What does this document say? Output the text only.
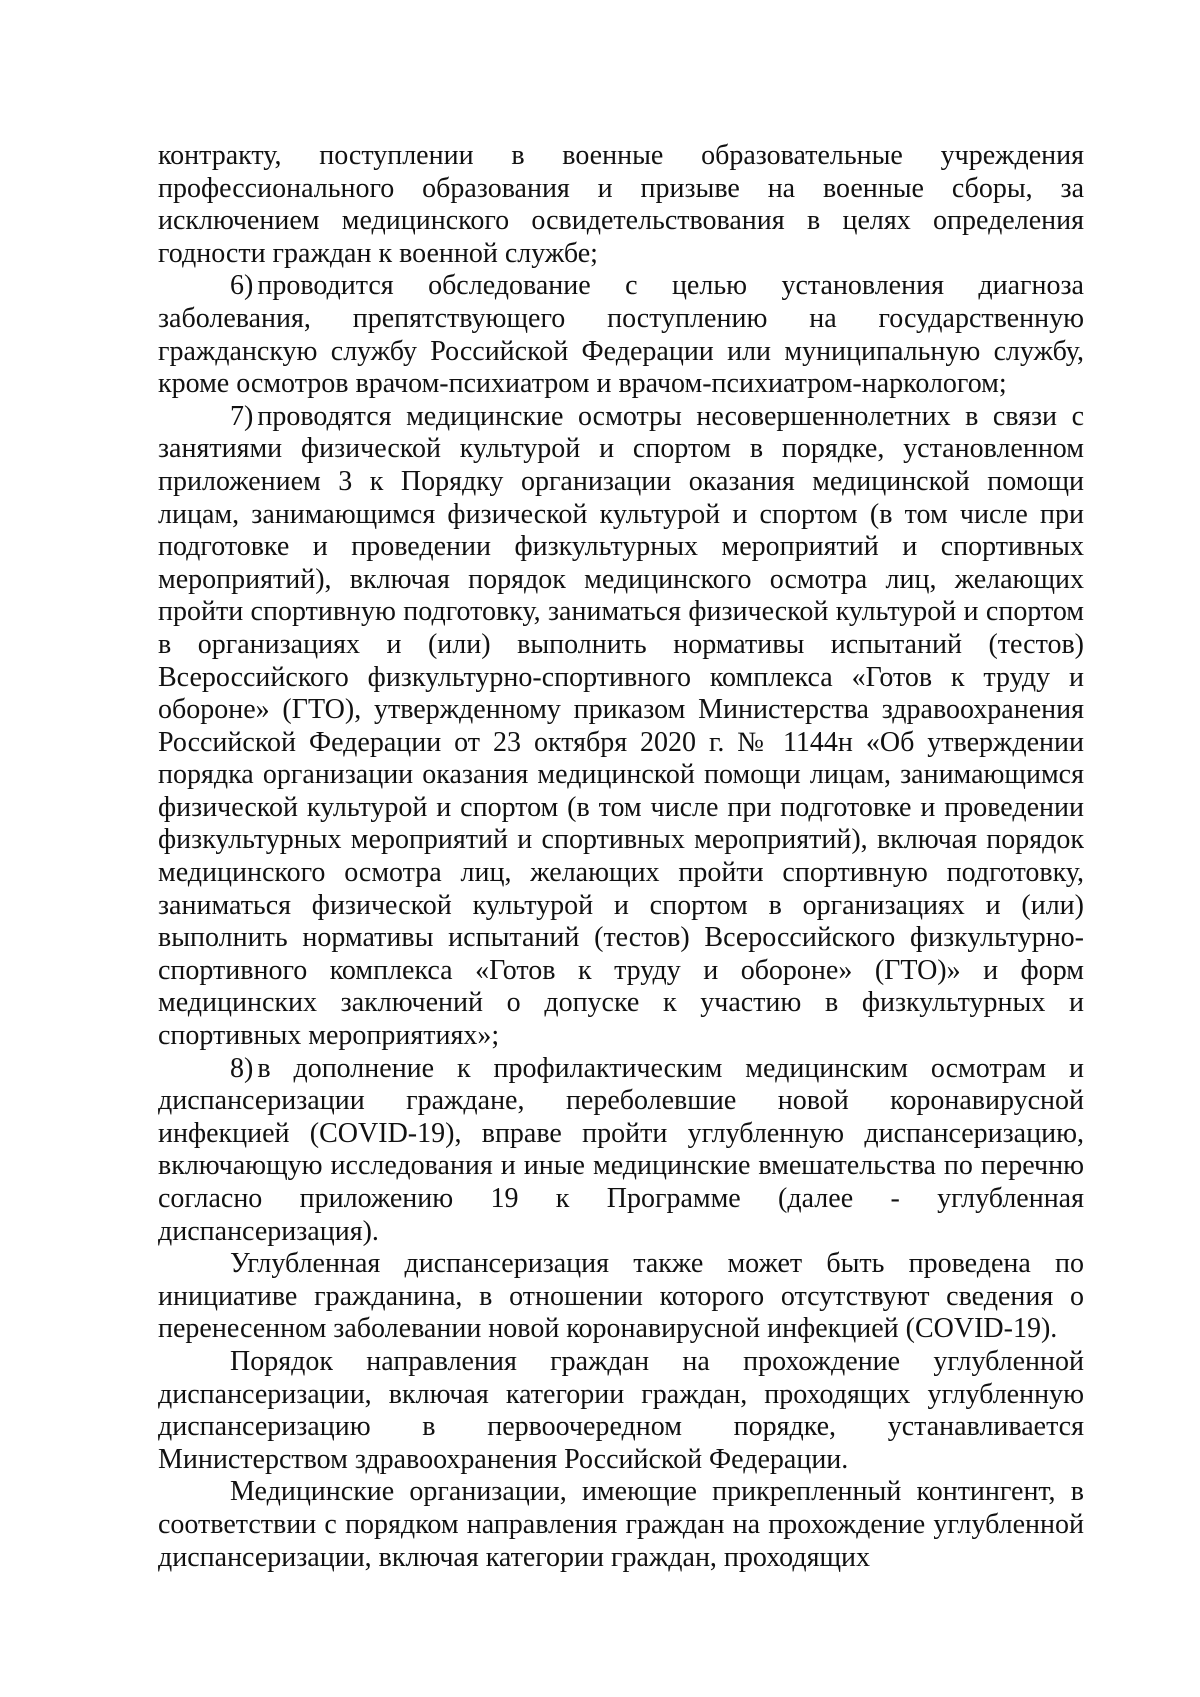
контракту, поступлении в военные образовательные учреждения профессионального образования и призыве на военные сборы, за исключением медицинского освидетельствования в целях определения годности граждан к военной службе;

6) проводится обследование с целью установления диагноза заболевания, препятствующего поступлению на государственную гражданскую службу Российской Федерации или муниципальную службу, кроме осмотров врачом-психиатром и врачом-психиатром-наркологом;

7) проводятся медицинские осмотры несовершеннолетних в связи с занятиями физической культурой и спортом в порядке, установленном приложением 3 к Порядку организации оказания медицинской помощи лицам, занимающимся физической культурой и спортом (в том числе при подготовке и проведении физкультурных мероприятий и спортивных мероприятий), включая порядок медицинского осмотра лиц, желающих пройти спортивную подготовку, заниматься физической культурой и спортом в организациях и (или) выполнить нормативы испытаний (тестов) Всероссийского физкультурно-спортивного комплекса «Готов к труду и обороне» (ГТО), утвержденному приказом Министерства здравоохранения Российской Федерации от 23 октября 2020 г. № 1144н «Об утверждении порядка организации оказания медицинской помощи лицам, занимающимся физической культурой и спортом (в том числе при подготовке и проведении физкультурных мероприятий и спортивных мероприятий), включая порядок медицинского осмотра лиц, желающих пройти спортивную подготовку, заниматься физической культурой и спортом в организациях и (или) выполнить нормативы испытаний (тестов) Всероссийского физкультурно-спортивного комплекса «Готов к труду и обороне» (ГТО)» и форм медицинских заключений о допуске к участию в физкультурных и спортивных мероприятиях»;

8) в дополнение к профилактическим медицинским осмотрам и диспансеризации граждане, переболевшие новой коронавирусной инфекцией (COVID-19), вправе пройти углубленную диспансеризацию, включающую исследования и иные медицинские вмешательства по перечню согласно приложению 19 к Программе (далее - углубленная диспансеризация).

Углубленная диспансеризация также может быть проведена по инициативе гражданина, в отношении которого отсутствуют сведения о перенесенном заболевании новой коронавирусной инфекцией (COVID-19).

Порядок направления граждан на прохождение углубленной диспансеризации, включая категории граждан, проходящих углубленную диспансеризацию в первоочередном порядке, устанавливается Министерством здравоохранения Российской Федерации.

Медицинские организации, имеющие прикрепленный контингент, в соответствии с порядком направления граждан на прохождение углубленной диспансеризации, включая категории граждан, проходящих
